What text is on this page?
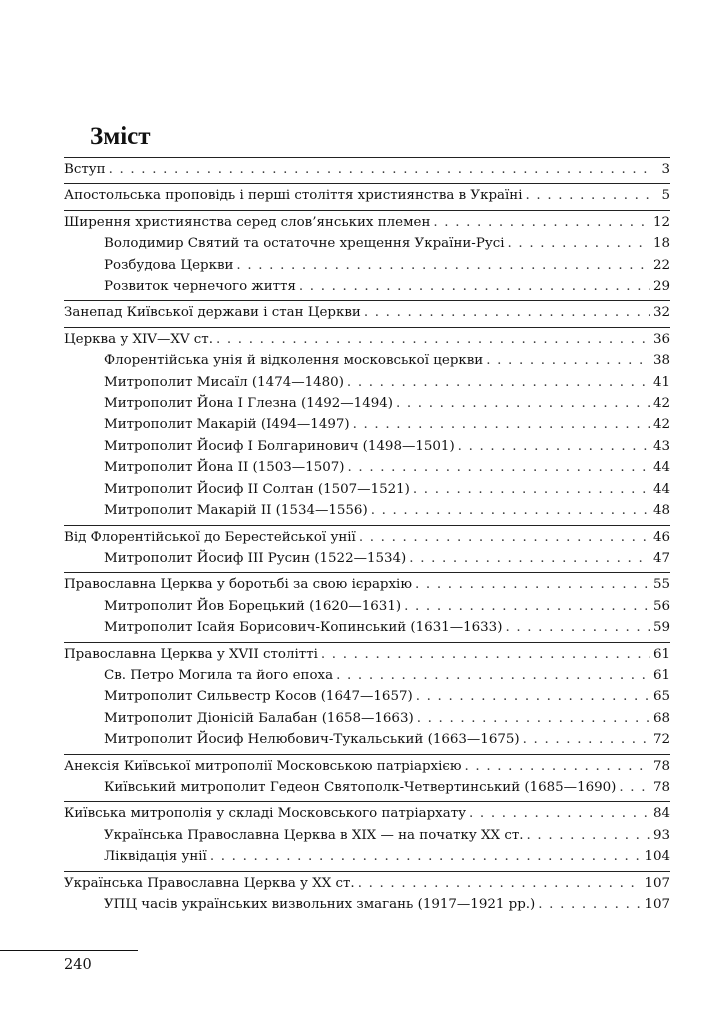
Зміст
Вступ . . .	3
Апостольська проповідь і перші століття християнства в Україні . . .	5
Ширення християнства серед слов’янських племен . . .	12
Володимир Святий та остаточне хрещення України-Русі . . .	18
Розбудова Церкви . . .	22
Розвиток чернечого життя . . .	29
Занепад Київської держави і стан Церкви . . .	32
Церква у XIV—XV ст. . . .	36
Флорентійська унія й відколення московської церкви . . .	38
Митрополит Мисаїл (1474—1480) . . .	41
Митрополит Йона I Глезна (1492—1494) . . .	42
Митрополит Макарій (I494—1497) . . .	42
Митрополит Йосиф I Болгаринович (1498—1501) . . .	43
Митрополит Йона II (1503—1507) . . .	44
Митрополит Йосиф II Солтан (1507—1521) . . .	44
Митрополит Макарій II (1534—1556) . . .	48
Від Флорентійської до Берестейської унії . . .	46
Митрополит Йосиф III Русин (1522—1534) . . .	47
Православна Церква у боротьбі за свою ієрархію . . .	55
Митрополит Йов Борецький (1620—1631) . . .	56
Митрополит Ісайя Борисович-Копинський (1631—1633) . . .	59
Православна Церква у XVII столітті . . .	61
Св. Петро Могила та його епоха . . .	61
Митрополит Сильвестр Косов (1647—1657) . . .	65
Митрополит Діонісій Балабан (1658—1663) . . .	68
Митрополит Йосиф Нелюбович-Тукальський (1663—1675) . . .	72
Анексія Київської митрополії Московською патріархією . . .	78
Київський митрополит Гедеон Святополк-Четвертинський (1685—1690) . . .	78
Київська митрополія у складі Московського патріархату . . .	84
Українська Православна Церква в XIX — на початку XX ст. . . .	93
Ліквідація унії . . .	104
Українська Православна Церква у XX ст. . . .	107
УПЦ часів українських визвольних змагань (1917—1921 рр.) . . .	107
240
